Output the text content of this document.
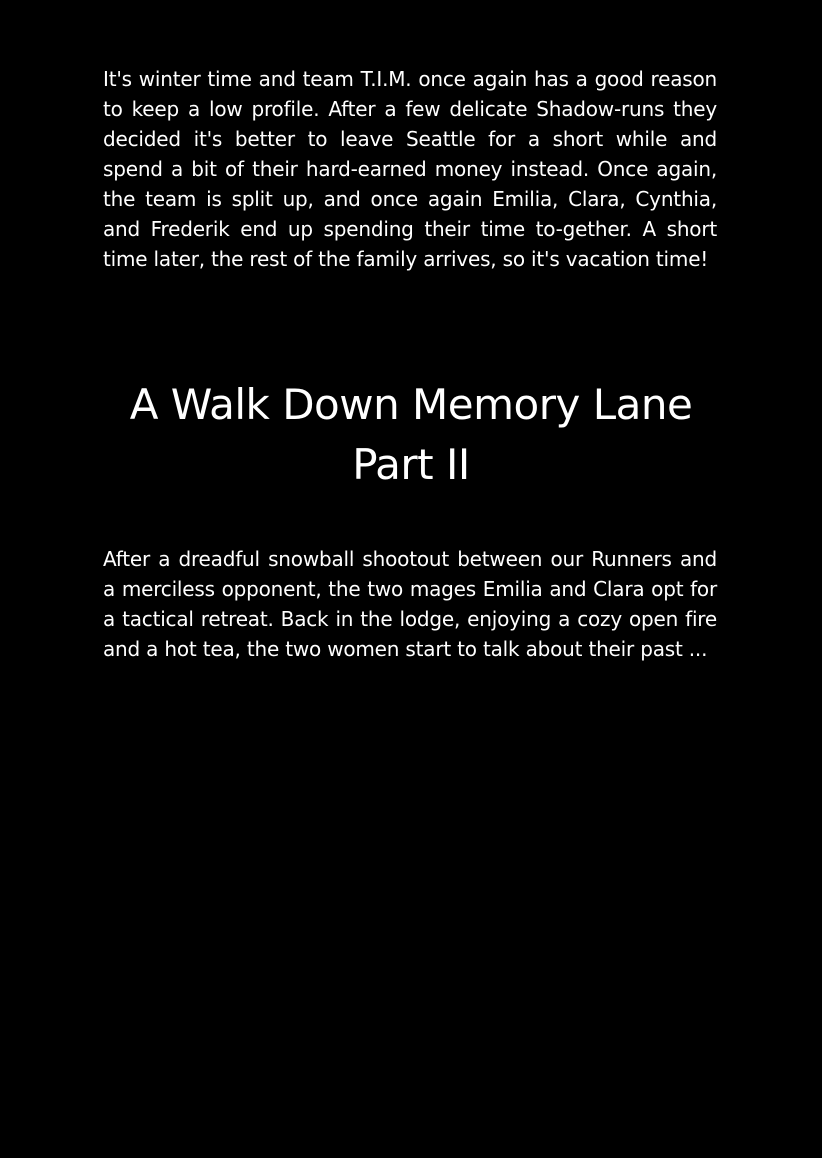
It's winter time and team T.I.M. once again has a good reason to keep a low profile. After a few delicate Shadow-runs they decided it's better to leave Seattle for a short while and spend a bit of their hard-earned money instead. Once again, the team is split up, and once again Emilia, Clara, Cynthia, and Frederik end up spending their time to-gether. A short time later, the rest of the family arrives, so it's vacation time!

A Walk Down Memory Lane
Part II

After a dreadful snowball shootout between our Runners and a merciless opponent, the two mages Emilia and Clara opt for a tactical retreat. Back in the lodge, enjoying a cozy open fire and a hot tea, the two women start to talk about their past ...
